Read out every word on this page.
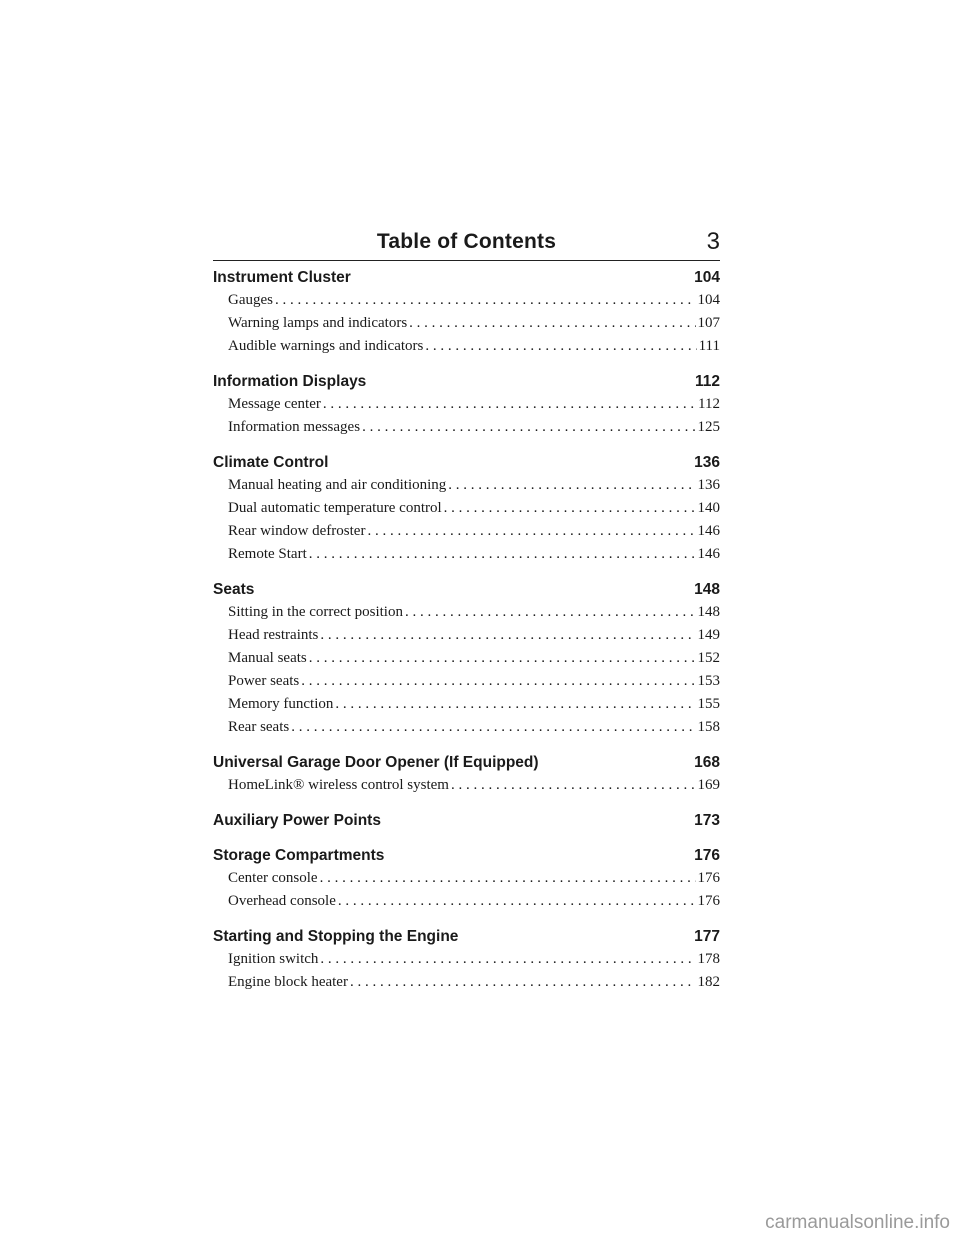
Table of Contents	3
Instrument Cluster	104
Gauges . . .	104
Warning lamps and indicators . . .	107
Audible warnings and indicators . . .	111
Information Displays	112
Message center . . .	112
Information messages . . .	125
Climate Control	136
Manual heating and air conditioning . . .	136
Dual automatic temperature control . . .	140
Rear window defroster . . .	146
Remote Start . . .	146
Seats	148
Sitting in the correct position . . .	148
Head restraints . . .	149
Manual seats . . .	152
Power seats . . .	153
Memory function . . .	155
Rear seats . . .	158
Universal Garage Door Opener (If Equipped)	168
HomeLink® wireless control system . . .	169
Auxiliary Power Points	173
Storage Compartments	176
Center console . . .	176
Overhead console . . .	176
Starting and Stopping the Engine	177
Ignition switch . . .	178
Engine block heater . . .	182
carmanualsonline.info
